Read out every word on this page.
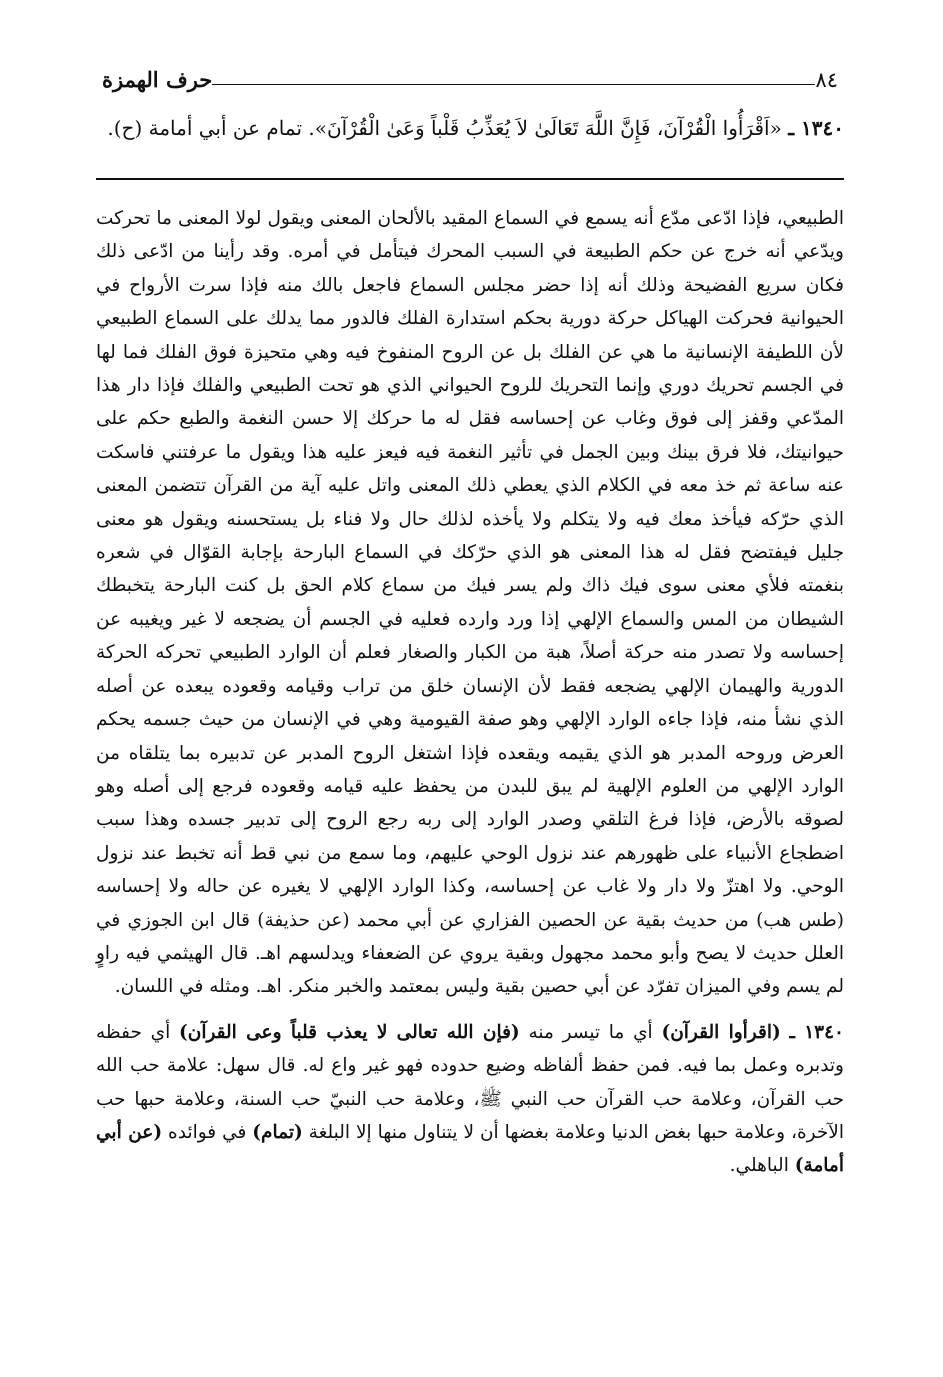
٨٤
حرف الهمزة
١٣٤٠ ـ «اَقْرَأُوا الْقُرْآنَ، فَإِنَّ اللَّهَ تَعَالَىٰ لاَ يُعَذِّبُ قَلْباً وَعَىٰ الْقُرْآنَ». تمام عن أبي أمامة (ح).

الطبيعي، فإذا ادّعى مدّع أنه يسمع في السماع المقيد بالألحان المعنى ويقول لولا المعنى ما تحركت ويدّعي أنه خرج عن حكم الطبيعة في السبب المحرك فيتأمل في أمره. وقد رأينا من ادّعى ذلك فكان سريع الفضيحة وذلك أنه إذا حضر مجلس السماع فاجعل بالك منه فإذا سرت الأرواح في الحيوانية فحركت الهياكل حركة دورية بحكم استدارة الفلك فالدور مما يدلك على السماع الطبيعي لأن اللطيفة الإنسانية ما هي عن الفلك بل عن الروح المنفوخ فيه وهي متحيزة فوق الفلك فما لها في الجسم تحريك دوري وإنما التحريك للروح الحيواني الذي هو تحت الطبيعي والفلك فإذا دار هذا المدّعي وقفز إلى فوق وغاب عن إحساسه فقل له ما حركك إلا حسن النغمة والطبع حكم على حيوانيتك، فلا فرق بينك وبين الجمل في تأثير النغمة فيه فيعز عليه هذا ويقول ما عرفتني فاسكت عنه ساعة ثم خذ معه في الكلام الذي يعطي ذلك المعنى واتل عليه آية من القرآن تتضمن المعنى الذي حرّكه فيأخذ معك فيه ولا يتكلم ولا يأخذه لذلك حال ولا فناء بل يستحسنه ويقول هو معنى جليل فيفتضح فقل له هذا المعنى هو الذي حرّكك في السماع البارحة بإجابة القوّال في شعره بنغمته فلأي معنى سوى فيك ذاك ولم يسر فيك من سماع كلام الحق بل كنت البارحة يتخبطك الشيطان من المس والسماع الإلهي إذا ورد وارده فعليه في الجسم أن يضجعه لا غير ويغيبه عن إحساسه ولا تصدر منه حركة أصلاً، هبة من الكبار والصغار فعلم أن الوارد الطبيعي تحركه الحركة الدورية والهيمان الإلهي يضجعه فقط لأن الإنسان خلق من تراب وقيامه وقعوده يبعده عن أصله الذي نشأ منه، فإذا جاءه الوارد الإلهي وهو صفة القيومية وهي في الإنسان من حيث جسمه يحكم العرض وروحه المدبر هو الذي يقيمه ويقعده فإذا اشتغل الروح المدبر عن تدبيره بما يتلقاه من الوارد الإلهي من العلوم الإلهية لم يبق للبدن من يحفظ عليه قيامه وقعوده فرجع إلى أصله وهو لصوقه بالأرض، فإذا فرغ التلقي وصدر الوارد إلى ربه رجع الروح إلى تدبير جسده وهذا سبب اضطجاع الأنبياء على ظهورهم عند نزول الوحي عليهم، وما سمع من نبي قط أنه تخبط عند نزول الوحي. ولا اهتزّ ولا دار ولا غاب عن إحساسه، وكذا الوارد الإلهي لا يغيره عن حاله ولا إحساسه (طس هب) من حديث بقية عن الحصين الفزاري عن أبي محمد (عن حذيفة) قال ابن الجوزي في العلل حديث لا يصح وأبو محمد مجهول وبقية يروي عن الضعفاء ويدلسهم اهـ. قال الهيثمي فيه راوٍ لم يسم وفي الميزان تفرّد عن أبي حصين بقية وليس بمعتمد والخبر منكر. اهـ. ومثله في اللسان.

١٣٤٠ ـ (اقرأوا القرآن) أي ما تيسر منه (فإن الله تعالى لا يعذب قلباً وعى القرآن) أي حفظه وتدبره وعمل بما فيه. فمن حفظ ألفاظه وضيع حدوده فهو غير واع له. قال سهل: علامة حب الله حب القرآن، وعلامة حب القرآن حب النبي ﷺ، وعلامة حب النبيّ حب السنة، وعلامة حبها حب الآخرة، وعلامة حبها بغض الدنيا وعلامة بغضها أن لا يتناول منها إلا البلغة (تمام) في فوائده (عن أبي أمامة) الباهلي.
